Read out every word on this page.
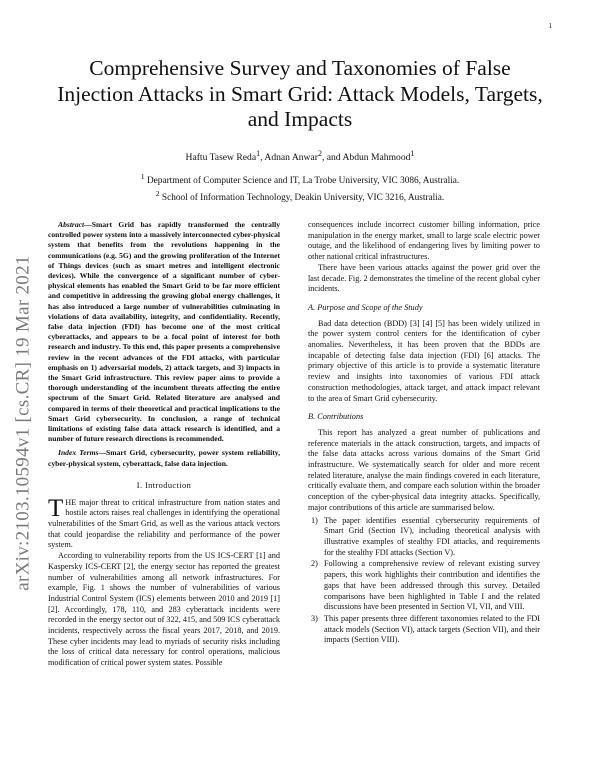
1
arXiv:2103.10594v1 [cs.CR] 19 Mar 2021
Comprehensive Survey and Taxonomies of False Injection Attacks in Smart Grid: Attack Models, Targets, and Impacts
Haftu Tasew Reda$^1$, Adnan Anwar$^2$, and Abdun Mahmood$^1$
$^1$ Department of Computer Science and IT, La Trobe University, VIC 3086, Australia.
$^2$ School of Information Technology, Deakin University, VIC 3216, Australia.

Abstract—Smart Grid has rapidly transformed the centrally controlled power system into a massively interconnected cyber-physical system that benefits from the revolutions happening in the communications (e.g. 5G) and the growing proliferation of the Internet of Things devices (such as smart metres and intelligent electronic devices). While the convergence of a significant number of cyber-physical elements has enabled the Smart Grid to be far more efficient and competitive in addressing the growing global energy challenges, it has also introduced a large number of vulnerabilities culminating in violations of data availability, integrity, and confidentiality. Recently, false data injection (FDI) has become one of the most critical cyberattacks, and appears to be a focal point of interest for both research and industry. To this end, this paper presents a comprehensive review in the recent advances of the FDI attacks, with particular emphasis on 1) adversarial models, 2) attack targets, and 3) impacts in the Smart Grid infrastructure. This review paper aims to provide a thorough understanding of the incumbent threats affecting the entire spectrum of the Smart Grid. Related literature are analysed and compared in terms of their theoretical and practical implications to the Smart Grid cybersecurity. In conclusion, a range of technical limitations of existing false data attack research is identified, and a number of future research directions is recommended.

Index Terms—Smart Grid, cybersecurity, power system reliability, cyber-physical system, cyberattack, false data injection.

I. Introduction

THE major threat to critical infrastructure from nation states and hostile actors raises real challenges in identifying the operational vulnerabilities of the Smart Grid, as well as the various attack vectors that could jeopardise the reliability and performance of the power system.

According to vulnerability reports from the US ICS-CERT [1] and Kaspersky ICS-CERT [2], the energy sector has reported the greatest number of vulnerabilities among all network infrastructures. For example, Fig. 1 shows the number of vulnerabilities of various Industrial Control System (ICS) elements between 2010 and 2019 [1] [2]. Accordingly, 178, 110, and 283 cyberattack incidents were recorded in the energy sector out of 322, 415, and 509 ICS cyberattack incidents, respectively across the fiscal years 2017, 2018, and 2019. These cyber incidents may lead to myriads of security risks including the loss of critical data necessary for control operations, malicious modification of critical power system states. Possible

consequences include incorrect customer billing information, price manipulation in the energy market, small to large scale electric power outage, and the likelihood of endangering lives by limiting power to other national critical infrastructures.

There have been various attacks against the power grid over the last decade. Fig. 2 demonstrates the timeline of the recent global cyber incidents.

A. Purpose and Scope of the Study

Bad data detection (BDD) [3] [4] [5] has been widely utilized in the power system control centers for the identification of cyber anomalies. Nevertheless, it has been proven that the BDDs are incapable of detecting false data injection (FDI) [6] attacks. The primary objective of this article is to provide a systematic literature review and insights into taxonomies of various FDI attack construction methodologies, attack target, and attack impact relevant to the area of Smart Grid cybersecurity.

B. Contributions

This report has analyzed a great number of publications and reference materials in the attack construction, targets, and impacts of the false data attacks across various domains of the Smart Grid infrastructure. We systematically search for older and more recent related literature, analyse the main findings covered in each literature, critically evaluate them, and compare each solution within the broader conception of the cyber-physical data integrity attacks. Specifically, major contributions of this article are summarised below.

1) The paper identifies essential cybersecurity requirements of Smart Grid (Section IV), including theoretical analysis with illustrative examples of stealthy FDI attacks, and requirements for the stealthy FDI attacks (Section V).
2) Following a comprehensive review of relevant existing survey papers, this work highlights their contribution and identifies the gaps that have been addressed through this survey. Detailed comparisons have been highlighted in Table I and the related discussions have been presented in Section VI, VII, and VIII.
3) This paper presents three different taxonomies related to the FDI attack models (Section VI), attack targets (Section VII), and their impacts (Section VIII).
